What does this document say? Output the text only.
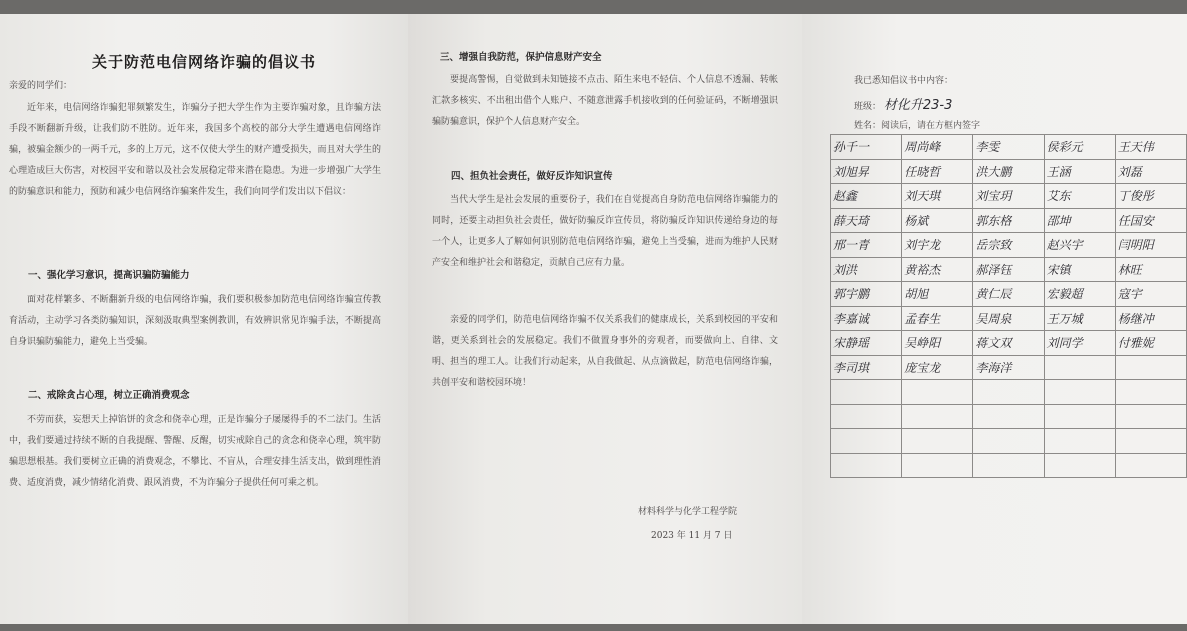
关于防范电信网络诈骗的倡议书

亲爱的同学们：

近年来，电信网络诈骗犯罪频繁发生，诈骗分子把大学生作为主要诈骗对象，且诈骗方法手段不断翻新升级，让我们防不胜防。近年来，我国多个高校的部分大学生遭遇电信网络诈骗，被骗金额少的一两千元，多的上万元，这不仅使大学生的财产遭受损失，而且对大学生的心理造成巨大伤害，对校园平安和谐以及社会发展稳定带来潜在隐患。为进一步增强广大学生的防骗意识和能力，预防和减少电信网络诈骗案件发生，我们向同学们发出以下倡议：

一、强化学习意识，提高识骗防骗能力

面对花样繁多、不断翻新升级的电信网络诈骗，我们要积极参加防范电信网络诈骗宣传教育活动，主动学习各类防骗知识，深刻汲取典型案例教训，有效辨识常见诈骗手法，不断提高自身识骗防骗能力，避免上当受骗。

二、戒除贪占心理，树立正确消费观念

不劳而获，妄想天上掉馅饼的贪念和侥幸心理，正是诈骗分子屡屡得手的不二法门。生活中，我们要通过持续不断的自我提醒、警醒、反醒，切实戒除自己的贪念和侥幸心理，筑牢防骗思想根基。我们要树立正确的消费观念，不攀比、不盲从，合理安排生活支出，做到理性消费、适度消费，减少情绪化消费、跟风消费，不为诈骗分子提供任何可乘之机。

三、增强自我防范，保护信息财产安全

要提高警惕，自觉做到未知链接不点击、陌生来电不轻信、个人信息不透漏、转帐汇款多核实、不出租出借个人账户、不随意泄露手机接收到的任何验证码，不断增强识骗防骗意识，保护个人信息财产安全。

四、担负社会责任，做好反诈知识宣传

当代大学生是社会发展的重要份子，我们在自觉提高自身防范电信网络诈骗能力的同时，还要主动担负社会责任，做好防骗反诈宣传员，将防骗反诈知识传递给身边的每一个人，让更多人了解如何识别防范电信网络诈骗，避免上当受骗，进而为维护人民财产安全和维护社会和谐稳定，贡献自己应有力量。

亲爱的同学们，防范电信网络诈骗不仅关系我们的健康成长，关系到校园的平安和谐，更关系到社会的发展稳定。我们不做置身事外的旁观者，而要做向上、自律、文明、担当的理工人。让我们行动起来，从自我做起、从点滴做起，防范电信网络诈骗，共创平安和谐校园环境！

材料科学与化学工程学院
2023 年 11 月 7 日
我已悉知倡议书中内容：
班级： 材化升23-3
姓名：阅读后，请在方框内签字
孙千一	周尚峰	李雯	侯彩元	王天伟
刘旭昇	任晓哲	洪大鹏	王涵	刘磊
赵鑫	刘天琪	刘宝玥	艾东	丁俊彤
薛天琦	杨斌	郭东格	邵坤	任国安
邢一青	刘宇龙	岳宗致	赵兴宇	闫明阳
刘洪	黄裕杰	郝泽钰	宋镇	林旺
郭宇鹏	胡旭	黄仁辰	宏毅超	寇宇
李嘉诚	孟春生	吴周泉	王万城	杨继冲
宋静瑶	吴峥阳	蒋文双	刘同学	付雅妮
李司琪	庞宝龙	李海洋		
